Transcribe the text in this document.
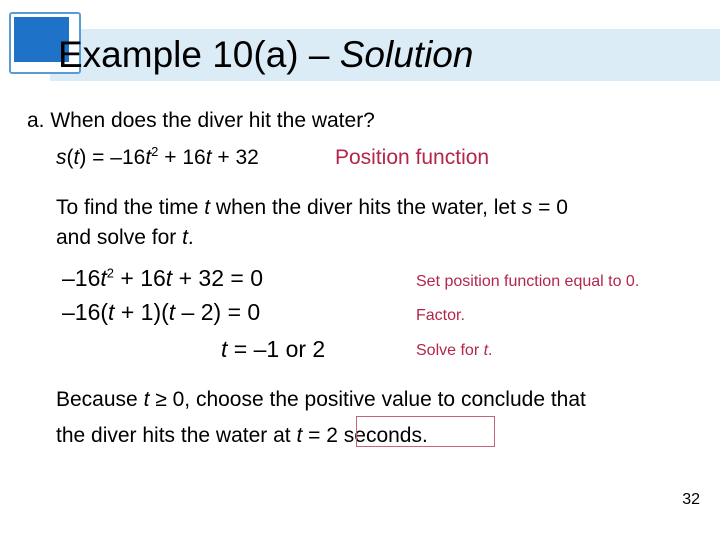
Example 10(a) – Solution
a. When does the diver hit the water?
$s(t) = -16t^2 + 16t + 32$	Position function
To find the time t when the diver hits the water, let s = 0
and solve for t.
$-16t^2 + 16t + 32 = 0$	Set position function equal to 0.
–16(t + 1)(t – 2) = 0	Factor.
t = –1 or 2	Solve for t.
Because t ≥ 0, choose the positive value to conclude that
the diver hits the water at t = 2 seconds.
32
